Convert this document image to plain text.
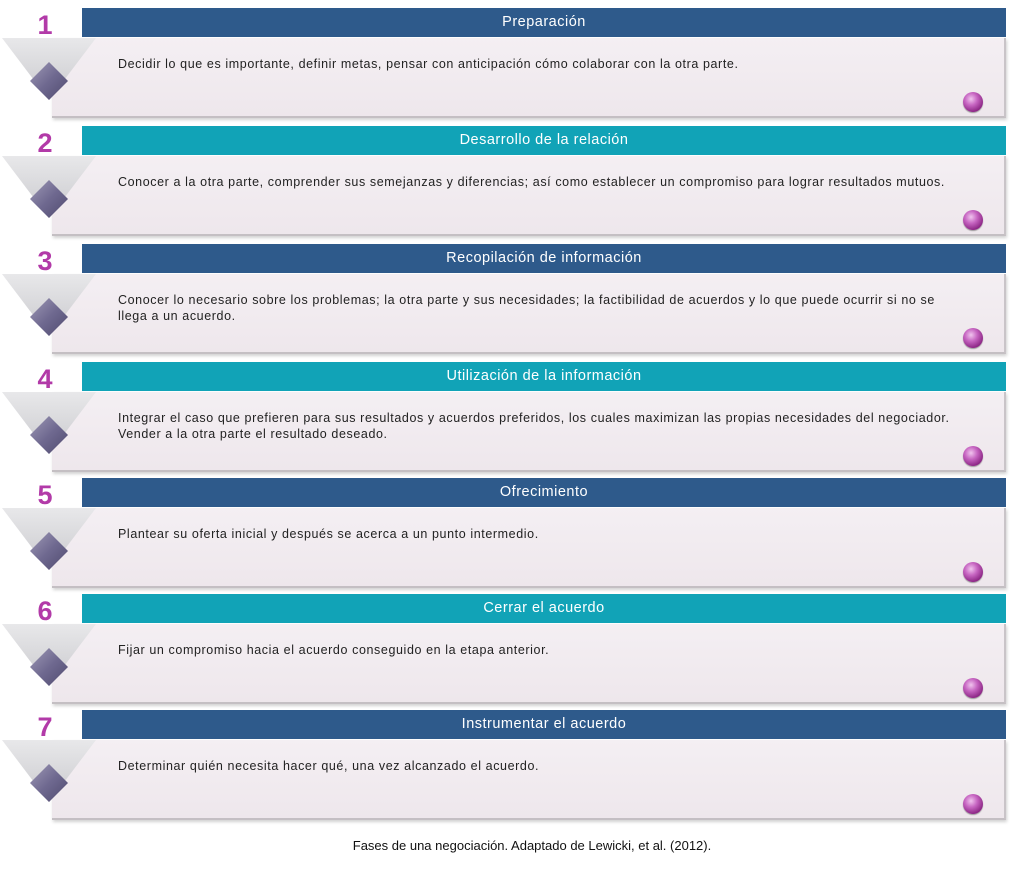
Preparación
1
Decidir lo que es importante, definir metas, pensar con anticipación cómo colaborar con la otra parte.
Desarrollo de la relación
2
Conocer a la otra parte, comprender sus semejanzas y diferencias; así como establecer un compromiso para lograr resultados mutuos.
Recopilación de información
3
Conocer lo necesario sobre los problemas; la otra parte y sus necesidades; la factibilidad de acuerdos y lo que puede ocurrir si no se llega a un acuerdo.
Utilización de la información
4
Integrar el caso que prefieren para sus resultados y acuerdos preferidos, los cuales maximizan las propias necesidades del negociador. Vender a la otra parte el resultado deseado.
Ofrecimiento
5
Plantear su oferta inicial y después se acerca a un punto intermedio.
Cerrar el acuerdo
6
Fijar un compromiso hacia el acuerdo conseguido en la etapa anterior.
Instrumentar el acuerdo
7
Determinar quién necesita hacer qué, una vez alcanzado el acuerdo.
Fases de una negociación. Adaptado de Lewicki, et al. (2012).
